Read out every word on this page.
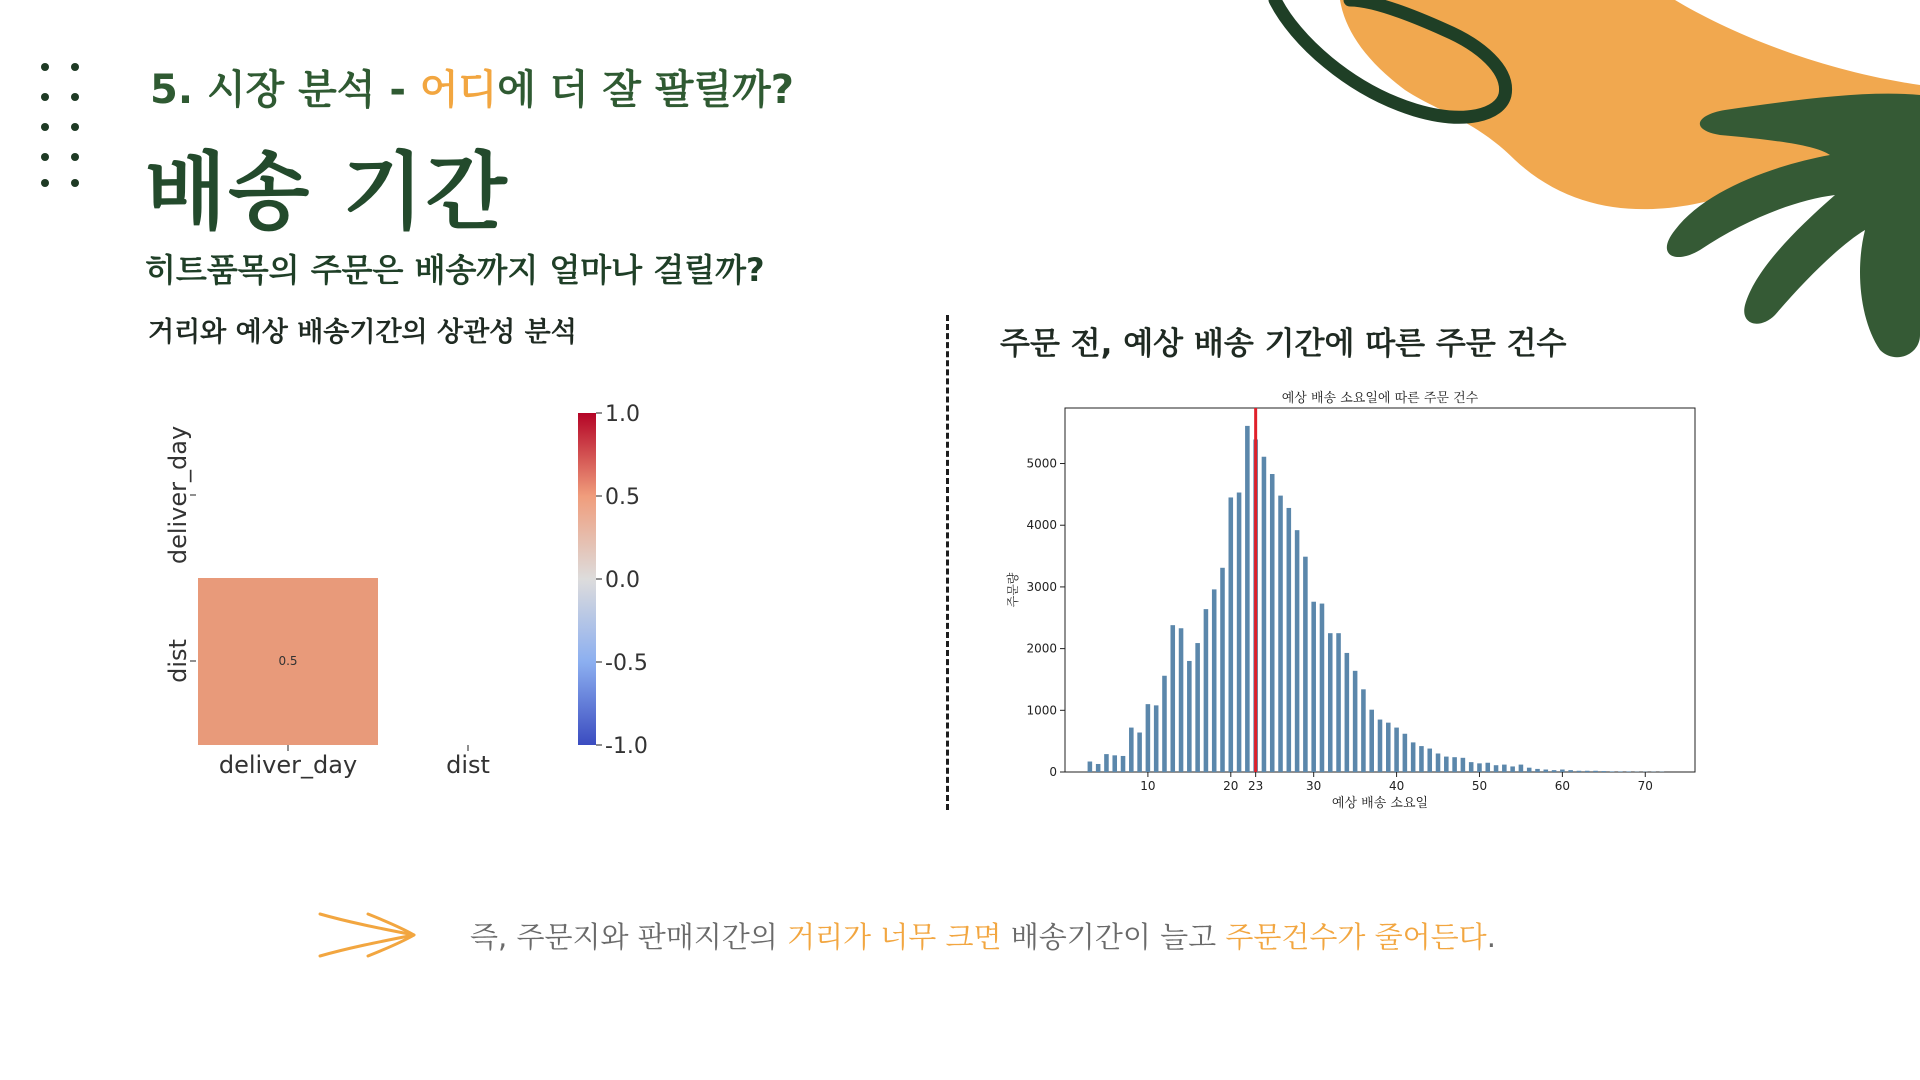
5. 시장 분석 - 어디에 더 잘 팔릴까?
배송 기간
히트품목의 주문은 배송까지 얼마나 걸릴까?
거리와 예상 배송기간의 상관성 분석	주문 전, 예상 배송 기간에 따른 주문 건수
0.5
deliver_day
dist
deliver_day	dist
1.0
0.5
0.0
-0.5
-1.0
예상 배송 소요일에 따른 주문 건수
0
1000
2000
3000
4000
5000
10	20 23	30	40	50	60	70
주문량
예상 배송 소요일
즉, 주문지와 판매지간의 거리가 너무 크면 배송기간이 늘고 주문건수가 줄어든다.
